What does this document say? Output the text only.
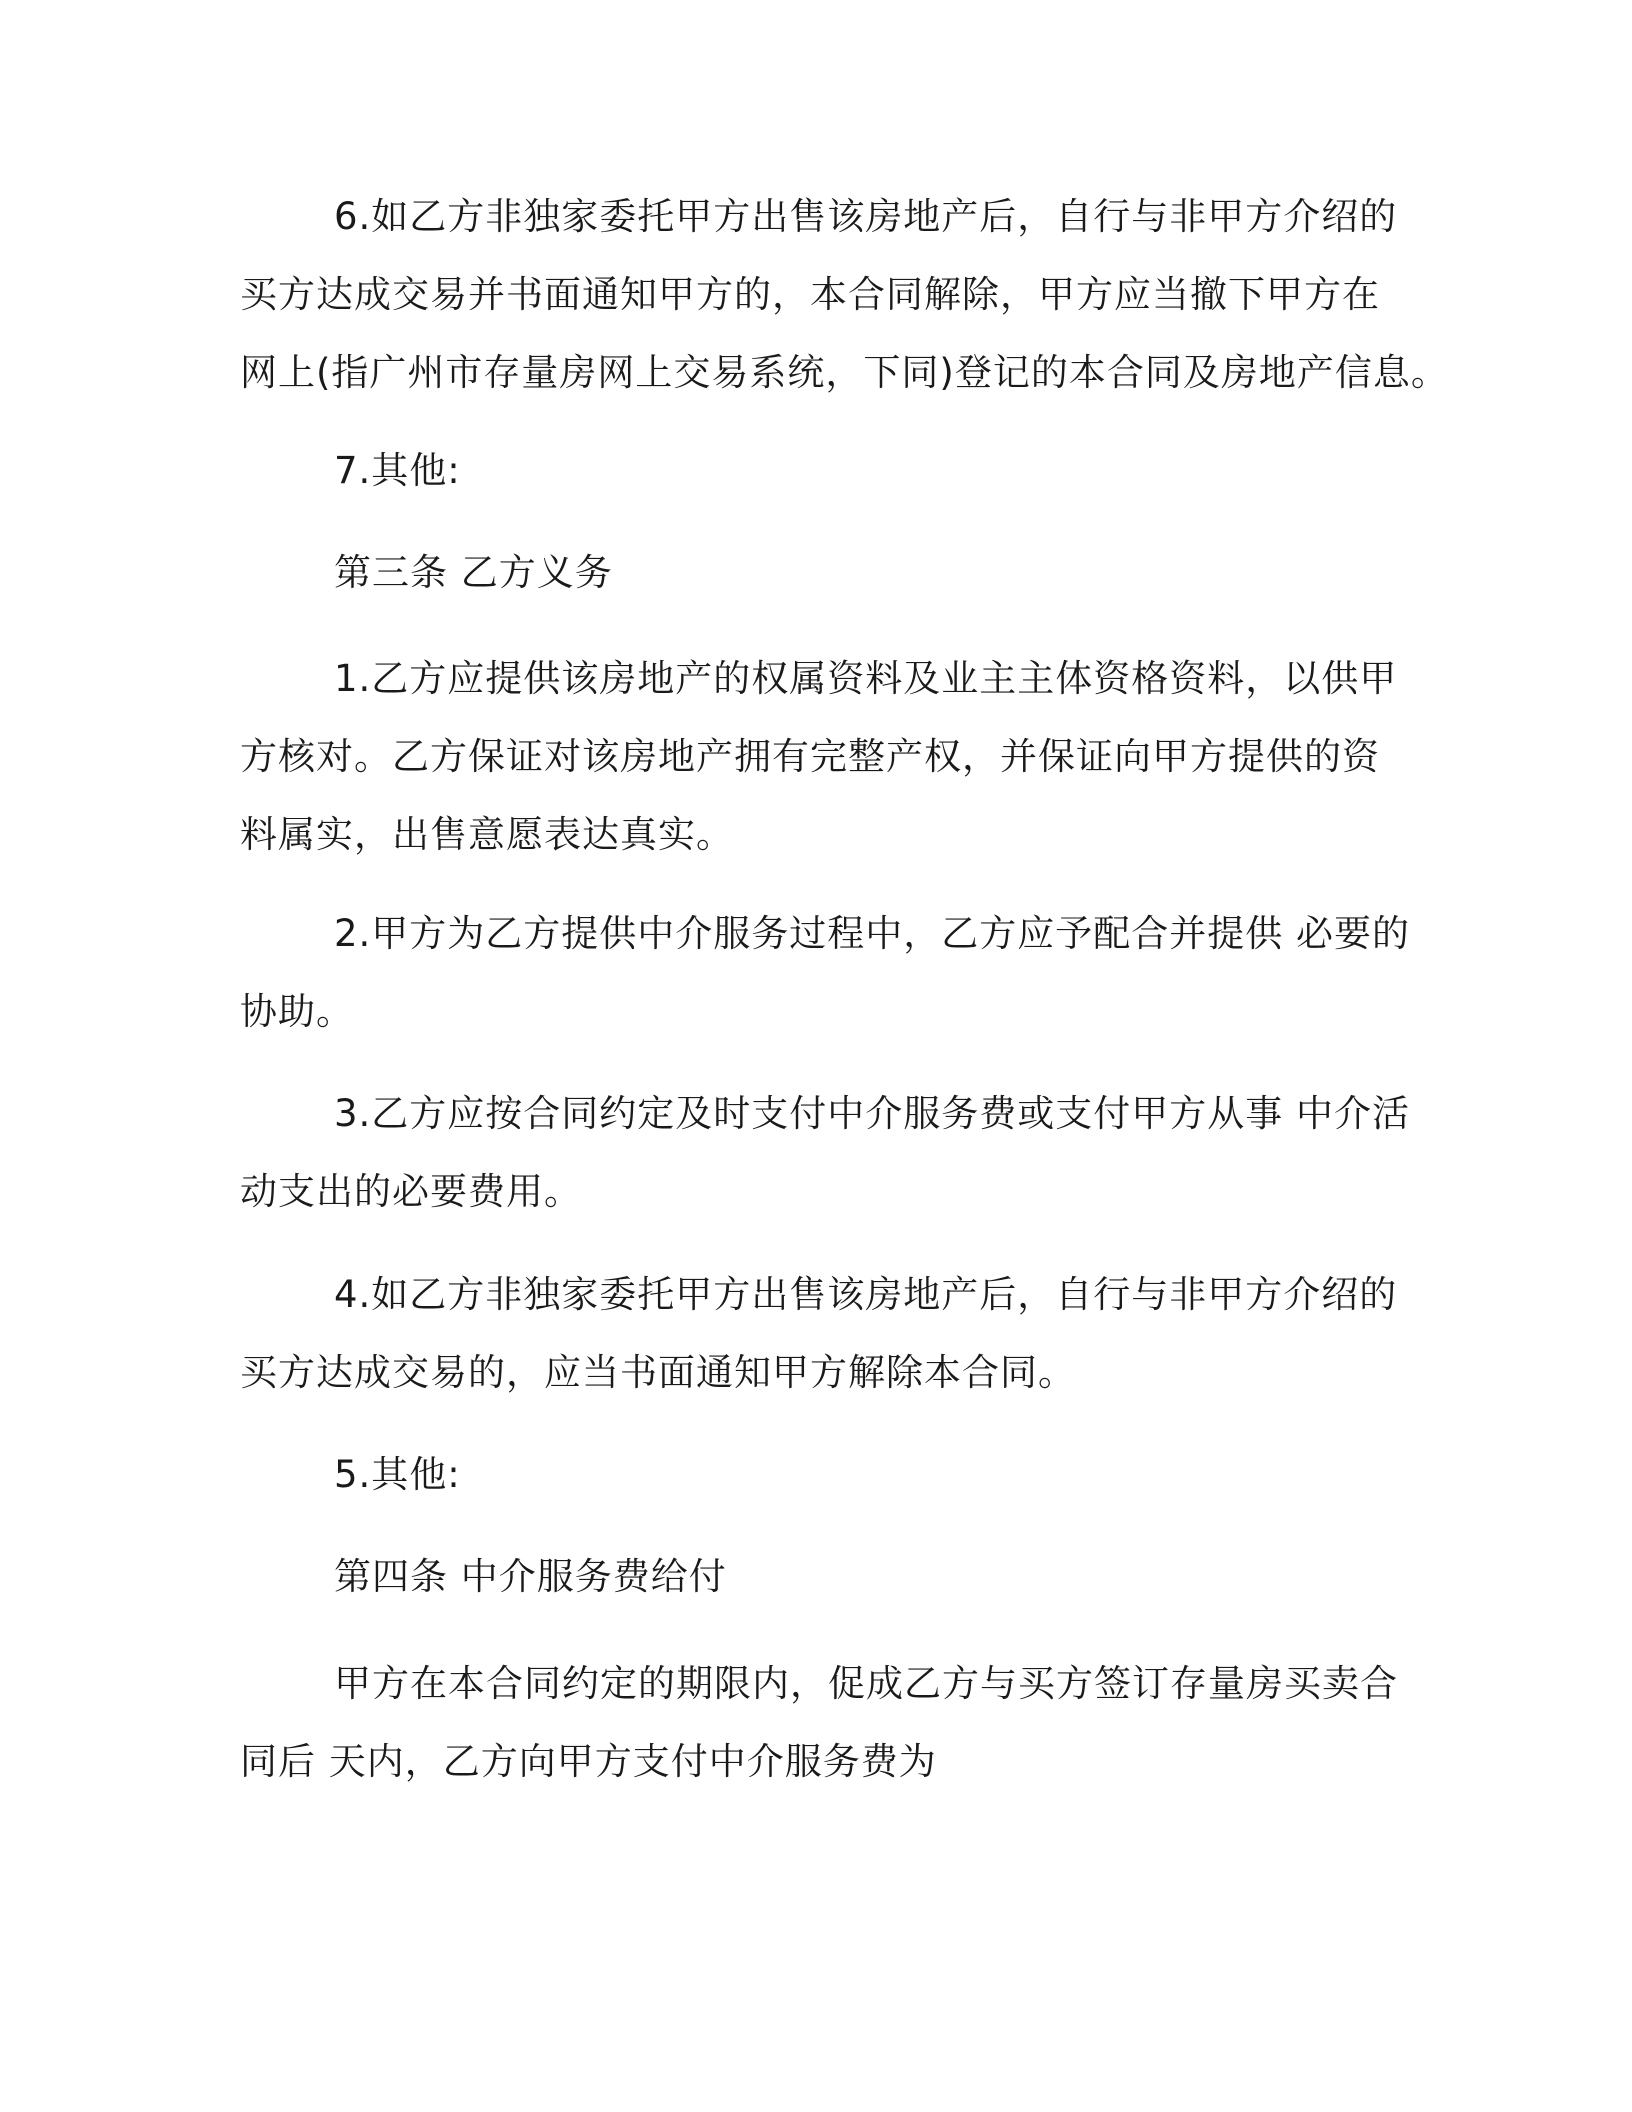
6.如乙方非独家委托甲方出售该房地产后，自行与非甲方介绍的
买方达成交易并书面通知甲方的，本合同解除，甲方应当撤下甲方在
网上(指广州市存量房网上交易系统，下同)登记的本合同及房地产信息。
7.其他:
第三条 乙方义务
1.乙方应提供该房地产的权属资料及业主主体资格资料，以供甲
方核对。乙方保证对该房地产拥有完整产权，并保证向甲方提供的资
料属实，出售意愿表达真实。
2.甲方为乙方提供中介服务过程中，乙方应予配合并提供 必要的
协助。
3.乙方应按合同约定及时支付中介服务费或支付甲方从事 中介活
动支出的必要费用。
4.如乙方非独家委托甲方出售该房地产后，自行与非甲方介绍的
买方达成交易的，应当书面通知甲方解除本合同。
5.其他:
第四条 中介服务费给付
甲方在本合同约定的期限内，促成乙方与买方签订存量房买卖合
同后 天内，乙方向甲方支付中介服务费为
